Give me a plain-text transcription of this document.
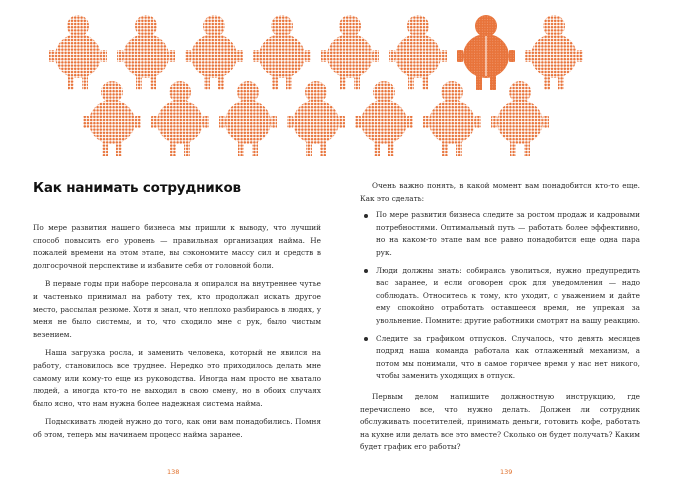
Как нанимать сотрудников

По мере развития нашего бизнеса мы пришли к выводу, что лучший способ повысить его уровень — правильная организация найма. Не пожалей времени на этом этапе, вы сэкономите массу сил и средств в долгосрочной перспективе и избавите себя от головной боли.

В первые годы при наборе персонала я опирался на внутреннее чутье и частенько принимал на работу тех, кто продолжал искать другое место, рассылая резюме. Хотя я знал, что неплохо разбираюсь в людях, у меня не было системы, и то, что сходило мне с рук, было чистым везением.

Наша загрузка росла, и заменить человека, который не явился на работу, становилось все труднее. Нередко это приходилось делать мне самому или кому-то еще из руководства. Иногда нам просто не хватало людей, а иногда кто-то не выходил в свою смену, но в обоих случаях было ясно, что нам нужна более надежная система найма.

Подыскивать людей нужно до того, как они вам понадобились. Помня об этом, теперь мы начинаем процесс найма заранее.

138

Очень важно понять, в какой момент вам понадобится кто-то еще. Как это сделать:

По мере развития бизнеса следите за ростом продаж и кадровыми потребностями. Оптимальный путь — работать более эффективно, но на каком-то этапе вам все равно понадобится еще одна пара рук.
Люди должны знать: собираясь уволиться, нужно предупредить вас заранее, и если оговорен срок для уведомления — надо соблюдать. Относитесь к тому, кто уходит, с уважением и дайте ему спокойно отработать оставшееся время, не упрекая за увольнение. Помните: другие работники смотрят на вашу реакцию.
Следите за графиком отпусков. Случалось, что девять месяцев подряд наша команда работала как отлаженный механизм, а потом мы понимали, что в самое горячее время у нас нет никого, чтобы заменить уходящих в отпуск.

Первым делом напишите должностную инструкцию, где перечислено все, что нужно делать. Должен ли сотрудник обслуживать посетителей, принимать деньги, готовить кофе, работать на кухне или делать все это вместе? Сколько он будет получать? Каким будет график его работы?

139
